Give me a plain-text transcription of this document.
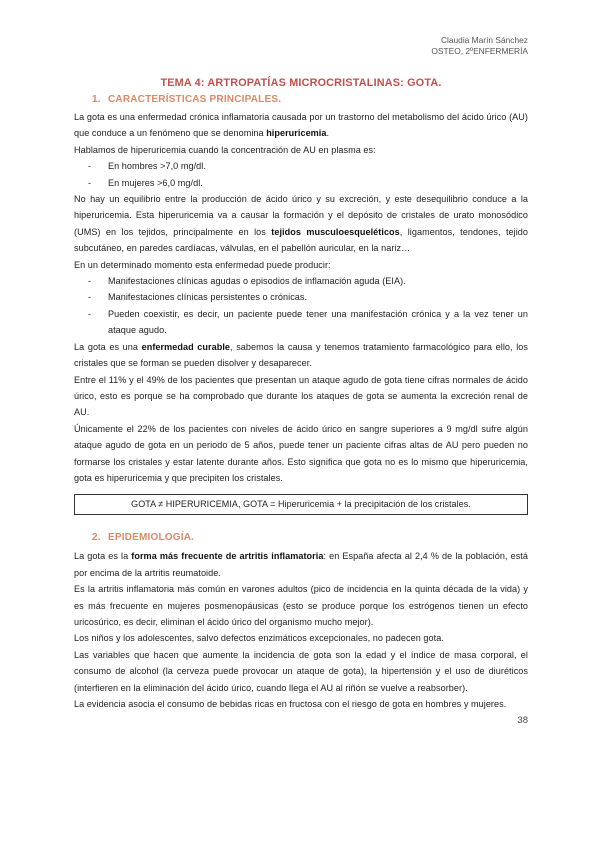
Claudia Marín Sánchez
OSTEO, 2ºENFERMERÍA
TEMA 4: ARTROPATÍAS MICROCRISTALINAS: GOTA.
1. CARACTERÍSTICAS PRINCIPALES.

La gota es una enfermedad crónica inflamatoria causada por un trastorno del metabolismo del ácido úrico (AU) que conduce a un fenómeno que se denomina hiperuricemia.

Hablamos de hiperuricemia cuando la concentración de AU en plasma es:

- En hombres >7,0 mg/dl.
- En mujeres >6,0 mg/dl.

No hay un equilibrio entre la producción de ácido úrico y su excreción, y este desequilibrio conduce a la hiperuricemia. Esta hiperuricemia va a causar la formación y el depósito de cristales de urato monosódico (UMS) en los tejidos, principalmente en los tejidos musculoesqueléticos, ligamentos, tendones, tejido subcutáneo, en paredes cardíacas, válvulas, en el pabellón auricular, en la nariz…

En un determinado momento esta enfermedad puede producir:

- Manifestaciones clínicas agudas o episodios de inflamación aguda (EIA).
- Manifestaciones clínicas persistentes o crónicas.
- Pueden coexistir, es decir, un paciente puede tener una manifestación crónica y a la vez tener un ataque agudo.

La gota es una enfermedad curable, sabemos la causa y tenemos tratamiento farmacológico para ello, los cristales que se forman se pueden disolver y desaparecer.

Entre el 11% y el 49% de los pacientes que presentan un ataque agudo de gota tiene cifras normales de ácido úrico, esto es porque se ha comprobado que durante los ataques de gota se aumenta la excreción renal de AU.

Únicamente el 22% de los pacientes con niveles de ácido úrico en sangre superiores a 9 mg/dl sufre algún ataque agudo de gota en un periodo de 5 años, puede tener un paciente cifras altas de AU pero pueden no formarse los cristales y estar latente durante años. Esto significa que gota no es lo mismo que hiperuricemia, gota es hiperuricemia y que precipiten los cristales.

GOTA ≠ HIPERURICEMIA, GOTA = Hiperuricemia + la precipitación de los cristales.
2. EPIDEMIOLOGÍA.

La gota es la forma más frecuente de artritis inflamatoria: en España afecta al 2,4 % de la población, está por encima de la artritis reumatoide.

Es la artritis inflamatoria más común en varones adultos (pico de incidencia en la quinta década de la vida) y es más frecuente en mujeres posmenopáusicas (esto se produce porque los estrógenos tienen un efecto uricosúrico, es decir, eliminan el ácido úrico del organismo mucho mejor).

Los niños y los adolescentes, salvo defectos enzimáticos excepcionales, no padecen gota.

Las variables que hacen que aumente la incidencia de gota son la edad y el índice de masa corporal, el consumo de alcohol (la cerveza puede provocar un ataque de gota), la hipertensión y el uso de diuréticos (interfieren en la eliminación del ácido úrico, cuando llega el AU al riñón se vuelve a reabsorber).

La evidencia asocia el consumo de bebidas ricas en fructosa con el riesgo de gota en hombres y mujeres.

38
